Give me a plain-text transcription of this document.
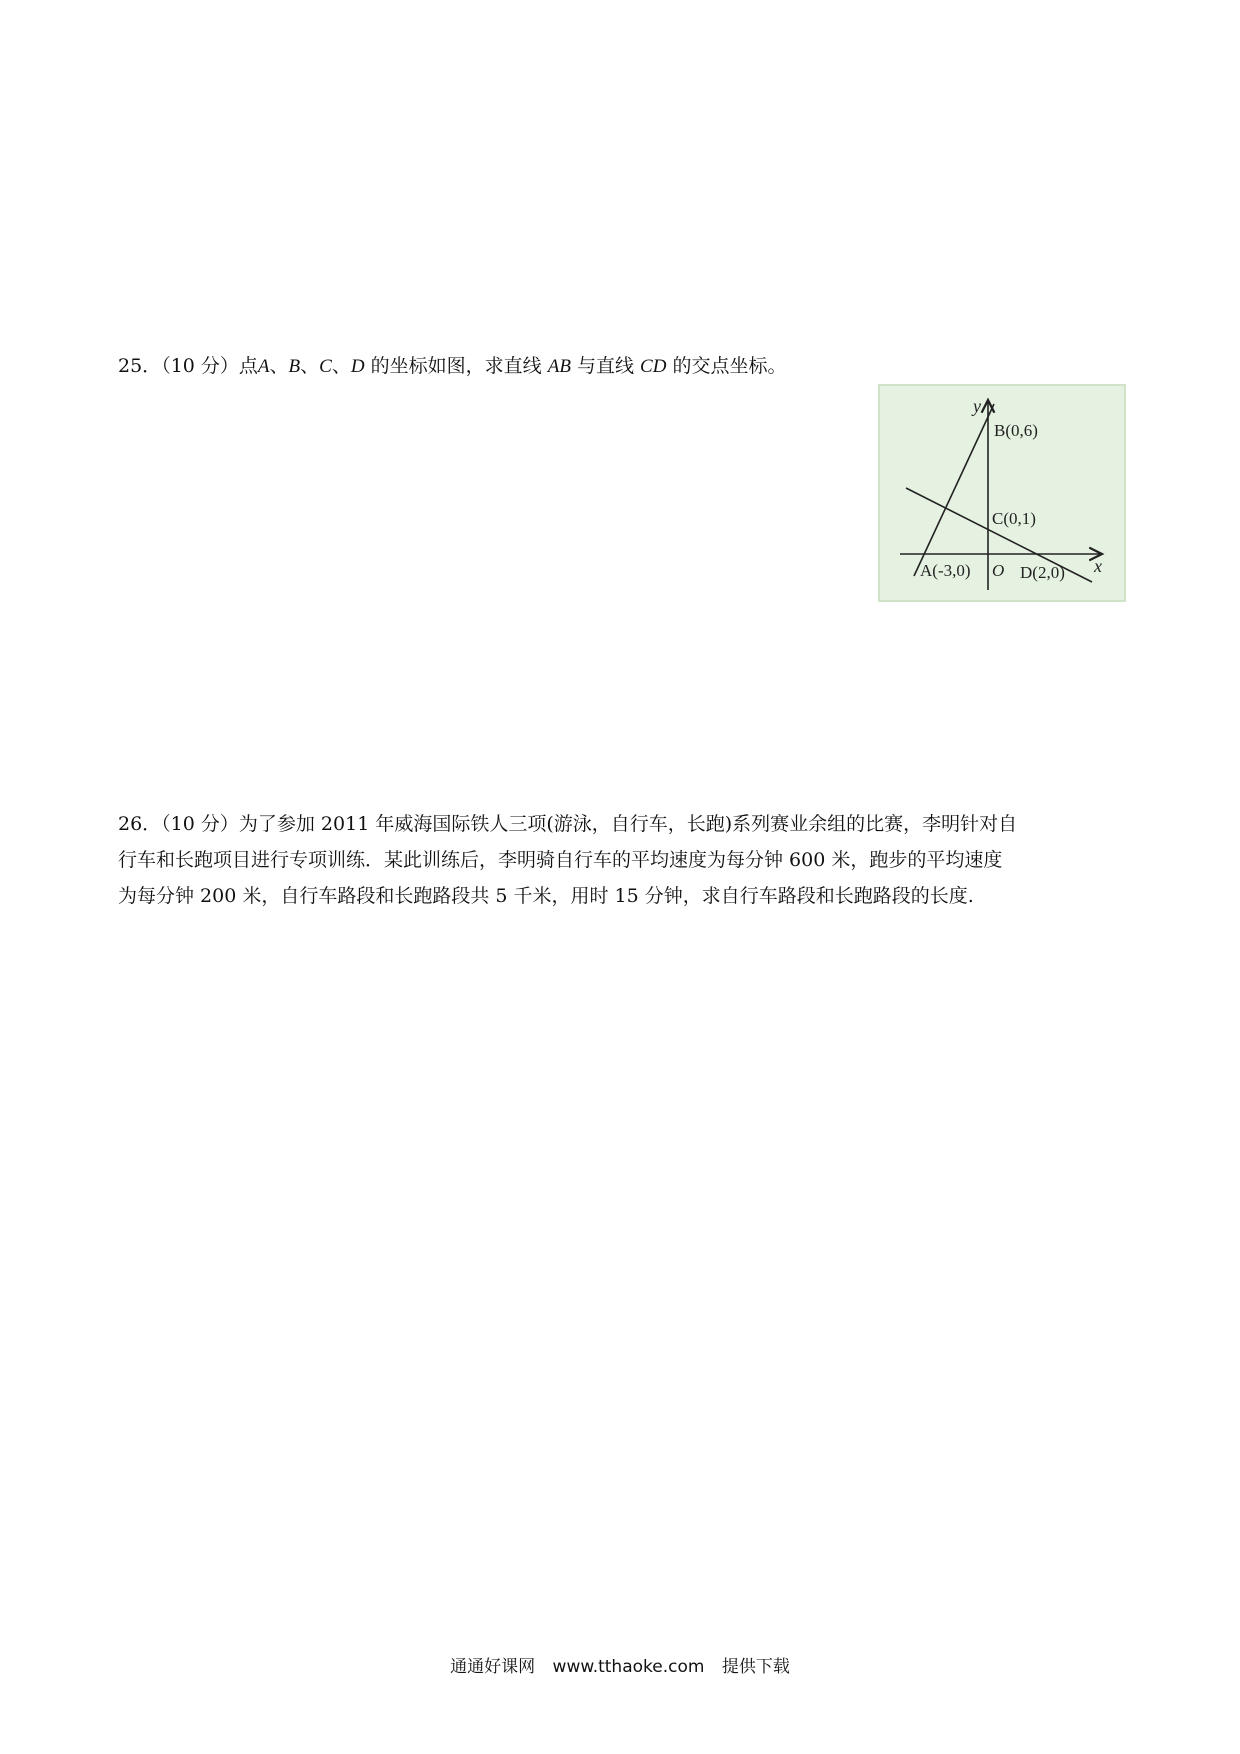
25．（10 分）点A、B、C、D 的坐标如图，求直线 AB 与直线 CD 的交点坐标。

y
x
O
B(0,6)
C(0,1)
A(-3,0)	D(2,0)

26．（10 分）为了参加 2011 年威海国际铁人三项(游泳，自行车，长跑)系列赛业余组的比赛，李明针对自

行车和长跑项目进行专项训练．某此训练后，李明骑自行车的平均速度为每分钟 600 米，跑步的平均速度

为每分钟 200 米，自行车路段和长跑路段共 5 千米，用时 15 分钟，求自行车路段和长跑路段的长度.

通通好课网 www.tthaoke.com 提供下载
